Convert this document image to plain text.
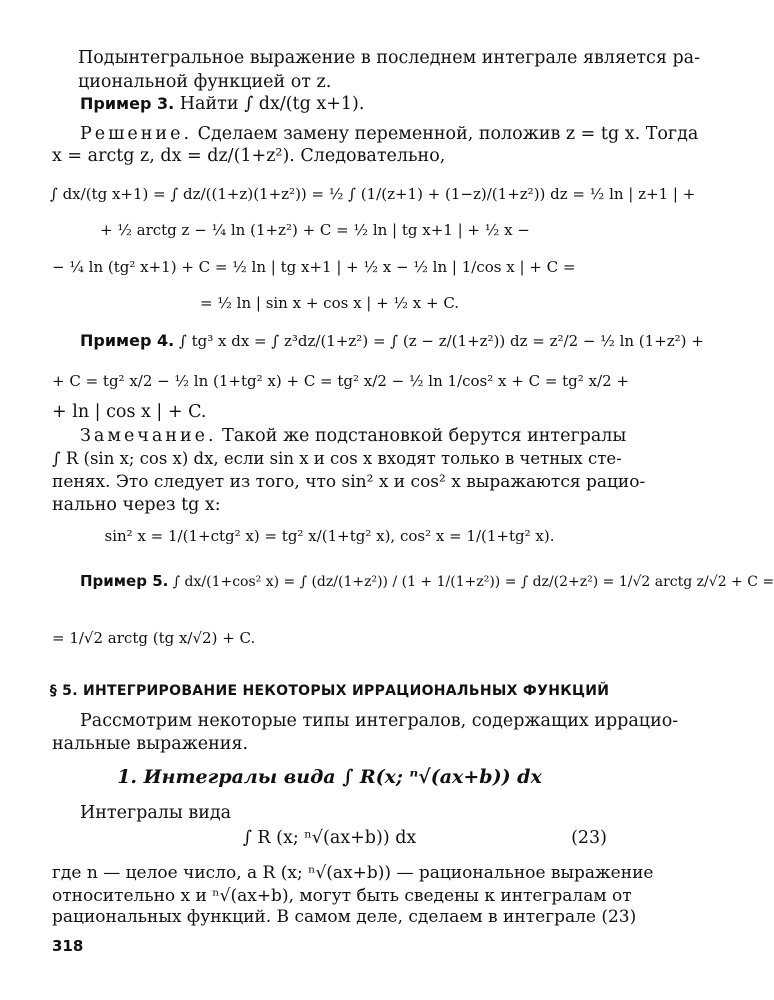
Подынтегральное выражение в последнем интеграле является ра-
циональной функцией от z.
Пример 3. Найти ∫ dx/(tg x+1).
Решение. Сделаем замену переменной, положив z = tg x. Тогда
x = arctg z, dx = dz/(1+z²). Следовательно,
∫ dx/(tg x+1) = ∫ dz/((1+z)(1+z²)) = ½ ∫ (1/(z+1) + (1−z)/(1+z²)) dz = ½ ln | z+1 | +
+ ½ arctg z − ¼ ln (1+z²) + C = ½ ln | tg x+1 | + ½ x −
− ¼ ln (tg² x+1) + C = ½ ln | tg x+1 | + ½ x − ½ ln | 1/cos x | + C =
= ½ ln | sin x + cos x | + ½ x + C.
Пример 4. ∫ tg³ x dx = ∫ z³dz/(1+z²) = ∫ (z − z/(1+z²)) dz = z²/2 − ½ ln (1+z²) +
+ C = tg² x/2 − ½ ln (1+tg² x) + C = tg² x/2 − ½ ln 1/cos² x + C = tg² x/2 +
+ ln | cos x | + C.
Замечание. Такой же подстановкой берутся интегралы
∫ R (sin x; cos x) dx, если sin x и cos x входят только в четных сте-
пенях. Это следует из того, что sin² x и cos² x выражаются рацио-
нально через tg x:
sin² x = 1/(1+ctg² x) = tg² x/(1+tg² x), cos² x = 1/(1+tg² x).
Пример 5. ∫ dx/(1+cos² x) = ∫ (dz/(1+z²)) / (1 + 1/(1+z²)) = ∫ dz/(2+z²) = 1/√2 arctg z/√2 + C =
= 1/√2 arctg (tg x/√2) + C.
§ 5. ИНТЕГРИРОВАНИЕ НЕКОТОРЫХ ИРРАЦИОНАЛЬНЫХ ФУНКЦИЙ
Рассмотрим некоторые типы интегралов, содержащих иррацио-
нальные выражения.
1. Интегралы вида ∫ R(x; ⁿ√(ax+b)) dx
Интегралы вида
∫ R (x; ⁿ√(ax+b)) dx	(23)
где n — целое число, а R (x; ⁿ√(ax+b)) — рациональное выражение
относительно x и ⁿ√(ax+b), могут быть сведены к интегралам от
рациональных функций. В самом деле, сделаем в интеграле (23)
318
